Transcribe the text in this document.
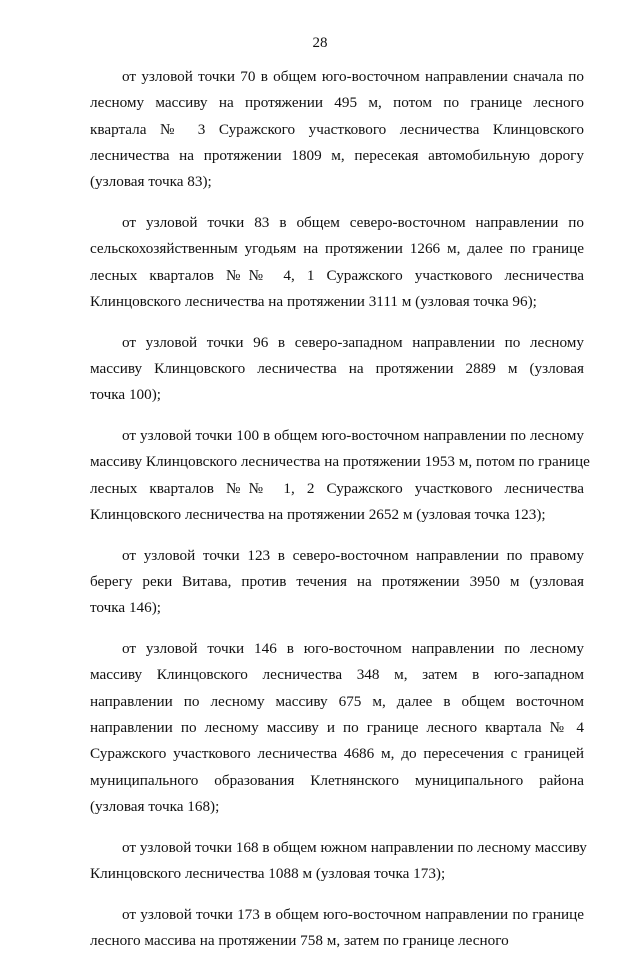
28
от узловой точки 70 в общем юго-восточном направлении сначала по
лесному массиву на протяжении 495 м, потом по границе лесного
квартала № 3 Суражского участкового лесничества Клинцовского
лесничества на протяжении 1809 м, пересекая автомобильную дорогу
(узловая точка 83);
от узловой точки 83 в общем северо-восточном направлении по
сельскохозяйственным угодьям на протяжении 1266 м, далее по границе
лесных кварталов №№ 4, 1 Суражского участкового лесничества
Клинцовского лесничества на протяжении 3111 м (узловая точка 96);
от узловой точки 96 в северо-западном направлении по лесному
массиву Клинцовского лесничества на протяжении 2889 м (узловая
точка 100);
от узловой точки 100 в общем юго-восточном направлении по лесному
массиву Клинцовского лесничества на протяжении 1953 м, потом по границе
лесных кварталов №№ 1, 2 Суражского участкового лесничества
Клинцовского лесничества на протяжении 2652 м (узловая точка 123);
от узловой точки 123 в северо-восточном направлении по правому
берегу реки Витава, против течения на протяжении 3950 м (узловая
точка 146);
от узловой точки 146 в юго-восточном направлении по лесному
массиву Клинцовского лесничества 348 м, затем в юго-западном
направлении по лесному массиву 675 м, далее в общем восточном
направлении по лесному массиву и по границе лесного квартала № 4
Суражского участкового лесничества 4686 м, до пересечения с границей
муниципального образования Клетнянского муниципального района
(узловая точка 168);
от узловой точки 168 в общем южном направлении по лесному массиву
Клинцовского лесничества 1088 м (узловая точка 173);
от узловой точки 173 в общем юго-восточном направлении по границе
лесного массива на протяжении 758 м, затем по границе лесного
